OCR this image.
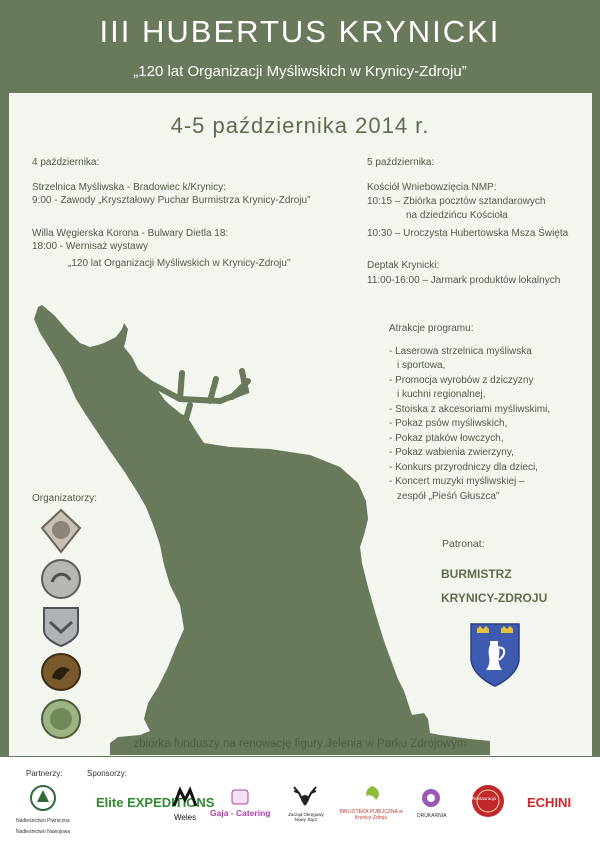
III HUBERTUS KRYNICKI
„120 lat Organizacji Myśliwskich w Krynicy-Zdroju”
4-5 października 2014 r.
4 października:
Strzelnica Myśliwska - Bradowiec k/Krynicy:
9:00 - Zawody „Kryształowy Puchar Burmistrza Krynicy-Zdroju”
Willa Węgierska Korona - Bulwary Dietla 18:
18:00 - Wernisaż wystawy
„120 lat Organizacji Myśliwskich w Krynicy-Zdroju”
5 października:
Kościół Wniebowzięcia NMP:
10:15 – Zbiórka pocztów sztandarowych
na dziedzińcu Kościoła
10:30 – Uroczysta Hubertowska Msza Święta
Deptak Krynicki:
11:00-16:00 – Jarmark produktów lokalnych
Atrakcje programu:
- Laserowa strzelnica myśliwska
i sportowa,
- Promocja wyrobów z dziczyzny
i kuchni regionalnej,
- Stoiska z akcesoriami myśliwskimi,
- Pokaz psów myśliwskich,
- Pokaz ptaków łowczych,
- Pokaz wabienia zwierzyny,
- Konkurs przyrodniczy dla dzieci,
- Koncert muzyki myśliwskiej –
zespół „Pieśń Głuszca”
Patronat:
BURMISTRZ
KRYNICY-ZDROJU
Organizatorzy:
zbiórka funduszy na renowację figury Jelenia w Parku Zdrojowym
Partnerzy:	Sponsorzy:
Nadleśnictwo Piwniczna
Nadleśnictwo Nawojowa
Elite EXPEDITIONS
Weles Gaja - Catering	Zarząd Okręgowy Nowy Sącz
BIBLIOTEKA PUBLICZNA w Krynicy-Zdroju	DRUKARNIA
Restauracja ECHINI
